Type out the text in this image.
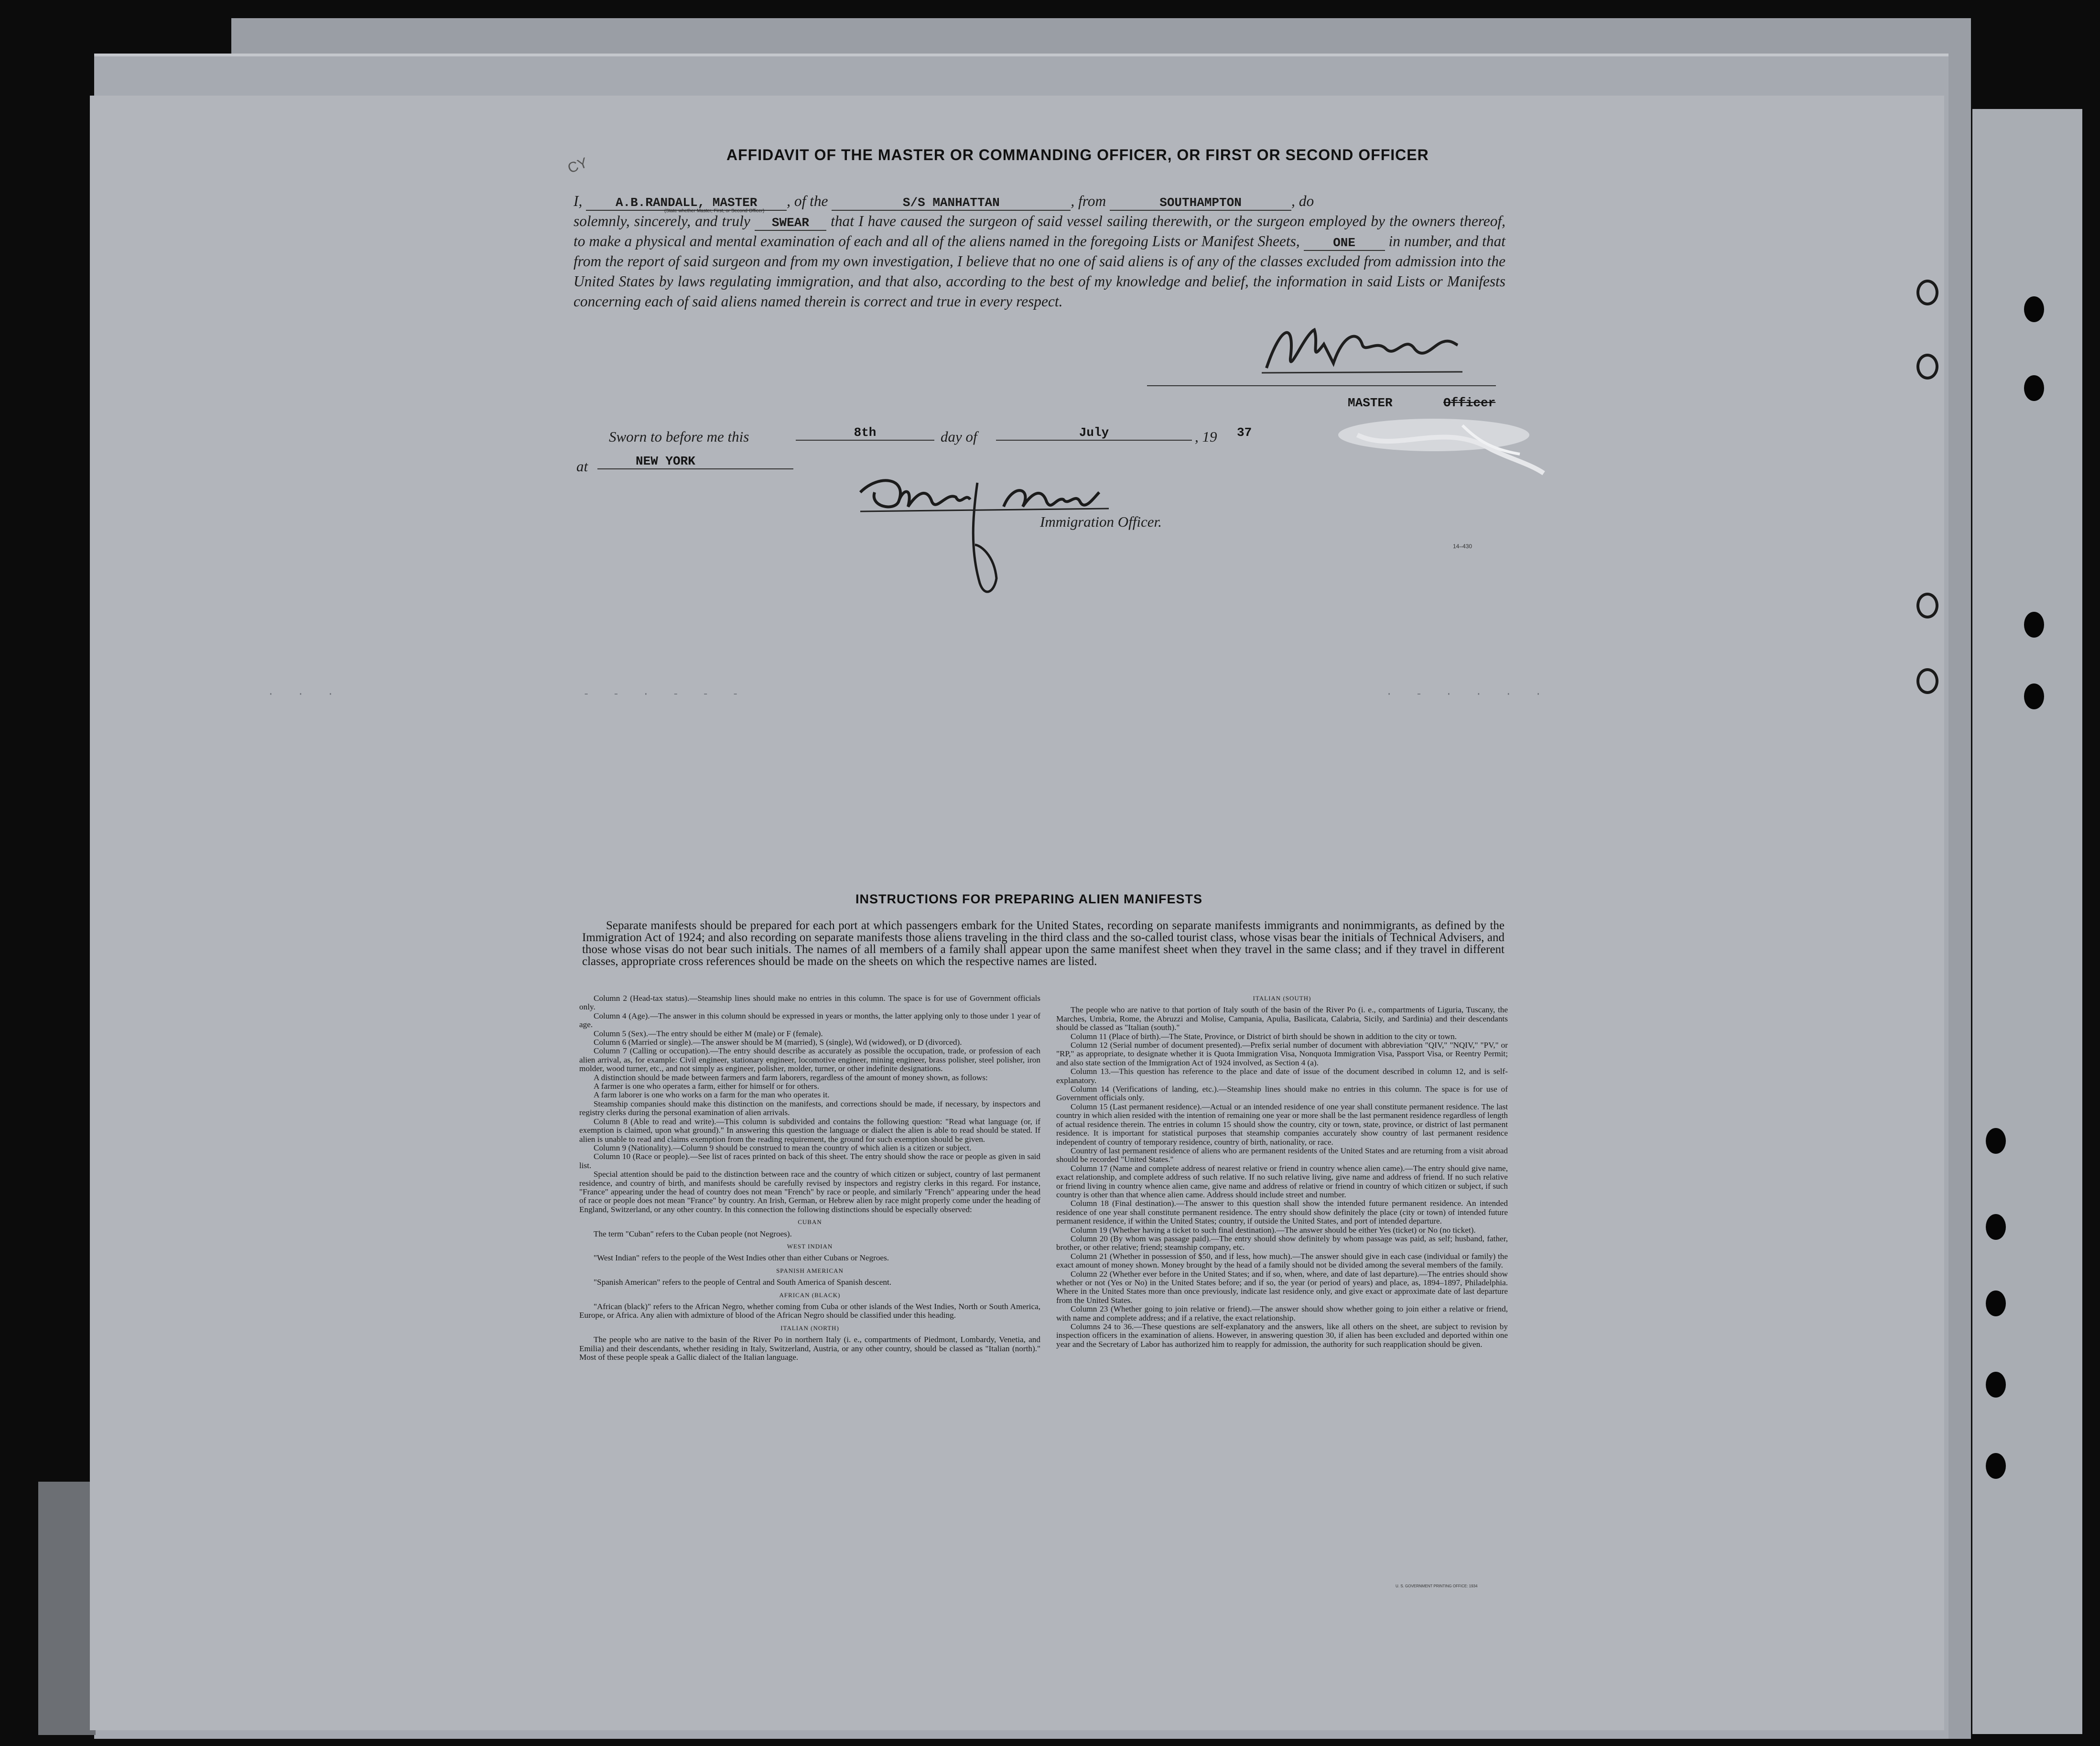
CY
· · ·	- - · - - -	· - · · · ·
AFFIDAVIT OF THE MASTER OR COMMANDING OFFICER, OR FIRST OR SECOND OFFICER
I,	A.B.RANDALL, MASTER , of the	S/S MANHATTAN	, from	SOUTHAMPTON	, do
solemnly, sincerely, and truly SWEAR that I have caused the surgeon of said vessel sailing therewith, or the surgeon employed by the owners thereof, to make a physical and mental examination of each and all of the aliens named in the foregoing Lists or Manifest Sheets,	ONE in number, and that from the report of said surgeon and from my own investigation, I believe that no one of said aliens is of any of the classes excluded from admission into the United States by laws regulating immigration, and that also, according to the best of my knowledge and belief, the information in said Lists or Manifests concerning each of said aliens named therein is correct and true in every respect.
(State whether Master, First, or Second Officer)
MASTER	Officer
Sworn to before me this	8th	day of	July	, 19 37
at	NEW YORK
Immigration Officer.
14–430
INSTRUCTIONS FOR PREPARING ALIEN MANIFESTS
Separate manifests should be prepared for each port at which passengers embark for the United States, recording on separate manifests immigrants and nonimmigrants, as defined by the Immigration Act of 1924; and also recording on separate manifests those aliens traveling in the third class and the so-called tourist class, whose visas bear the initials of Technical Advisers, and those whose visas do not bear such initials. The names of all members of a family shall appear upon the same manifest sheet when they travel in the same class; and if they travel in different classes, appropriate cross references should be made on the sheets on which the respective names are listed.

Column 2 (Head-tax status).—Steamship lines should make no entries in this column. The space is for use of Government officials only.

Column 4 (Age).—The answer in this column should be expressed in years or months, the latter applying only to those under 1 year of age.

Column 5 (Sex).—The entry should be either M (male) or F (female).

Column 6 (Married or single).—The answer should be M (married), S (single), Wd (widowed), or D (divorced).

Column 7 (Calling or occupation).—The entry should describe as accurately as possible the occupation, trade, or profession of each alien arrival, as, for example: Civil engineer, stationary engineer, locomotive engineer, mining engineer, brass polisher, steel polisher, iron molder, wood turner, etc., and not simply as engineer, polisher, molder, turner, or other indefinite designations.

A distinction should be made between farmers and farm laborers, regardless of the amount of money shown, as follows:

A farmer is one who operates a farm, either for himself or for others.

A farm laborer is one who works on a farm for the man who operates it.

Steamship companies should make this distinction on the manifests, and corrections should be made, if necessary, by inspectors and registry clerks during the personal examination of alien arrivals.

Column 8 (Able to read and write).—This column is subdivided and contains the following question: "Read what language (or, if exemption is claimed, upon what ground)." In answering this question the language or dialect the alien is able to read should be stated. If alien is unable to read and claims exemption from the reading requirement, the ground for such exemption should be given.

Column 9 (Nationality).—Column 9 should be construed to mean the country of which alien is a citizen or subject.

Column 10 (Race or people).—See list of races printed on back of this sheet. The entry should show the race or people as given in said list.

Special attention should be paid to the distinction between race and the country of which citizen or subject, country of last permanent residence, and country of birth, and manifests should be carefully revised by inspectors and registry clerks in this regard. For instance, "France" appearing under the head of country does not mean "French" by race or people, and similarly "French" appearing under the head of race or people does not mean "France" by country. An Irish, German, or Hebrew alien by race might properly come under the heading of England, Switzerland, or any other country. In this connection the following distinctions should be especially observed:

CUBAN

The term "Cuban" refers to the Cuban people (not Negroes).

WEST INDIAN

"West Indian" refers to the people of the West Indies other than either Cubans or Negroes.

SPANISH AMERICAN

"Spanish American" refers to the people of Central and South America of Spanish descent.

AFRICAN (BLACK)

"African (black)" refers to the African Negro, whether coming from Cuba or other islands of the West Indies, North or South America, Europe, or Africa. Any alien with admixture of blood of the African Negro should be classified under this heading.

ITALIAN (NORTH)

The people who are native to the basin of the River Po in northern Italy (i. e., compartments of Piedmont, Lombardy, Venetia, and Emilia) and their descendants, whether residing in Italy, Switzerland, Austria, or any other country, should be classed as "Italian (north)." Most of these people speak a Gallic dialect of the Italian language.

ITALIAN (SOUTH)

The people who are native to that portion of Italy south of the basin of the River Po (i. e., compartments of Liguria, Tuscany, the Marches, Umbria, Rome, the Abruzzi and Molise, Campania, Apulia, Basilicata, Calabria, Sicily, and Sardinia) and their descendants should be classed as "Italian (south)."

Column 11 (Place of birth).—The State, Province, or District of birth should be shown in addition to the city or town.

Column 12 (Serial number of document presented).—Prefix serial number of document with abbreviation "QIV," "NQIV," "PV," or "RP," as appropriate, to designate whether it is Quota Immigration Visa, Nonquota Immigration Visa, Passport Visa, or Reentry Permit; and also state section of the Immigration Act of 1924 involved, as Section 4 (a).

Column 13.—This question has reference to the place and date of issue of the document described in column 12, and is self-explanatory.

Column 14 (Verifications of landing, etc.).—Steamship lines should make no entries in this column. The space is for use of Government officials only.

Column 15 (Last permanent residence).—Actual or an intended residence of one year shall constitute permanent residence. The last country in which alien resided with the intention of remaining one year or more shall be the last permanent residence regardless of length of actual residence therein. The entries in column 15 should show the country, city or town, state, province, or district of last permanent residence. It is important for statistical purposes that steamship companies accurately show country of last permanent residence independent of country of temporary residence, country of birth, nationality, or race.

Country of last permanent residence of aliens who are permanent residents of the United States and are returning from a visit abroad should be recorded "United States."

Column 17 (Name and complete address of nearest relative or friend in country whence alien came).—The entry should give name, exact relationship, and complete address of such relative. If no such relative living, give name and address of friend. If no such relative or friend living in country whence alien came, give name and address of relative or friend in country of which citizen or subject, if such country is other than that whence alien came. Address should include street and number.

Column 18 (Final destination).—The answer to this question shall show the intended future permanent residence. An intended residence of one year shall constitute permanent residence. The entry should show definitely the place (city or town) of intended future permanent residence, if within the United States; country, if outside the United States, and port of intended departure.

Column 19 (Whether having a ticket to such final destination).—The answer should be either Yes (ticket) or No (no ticket).

Column 20 (By whom was passage paid).—The entry should show definitely by whom passage was paid, as self; husband, father, brother, or other relative; friend; steamship company, etc.

Column 21 (Whether in possession of $50, and if less, how much).—The answer should give in each case (individual or family) the exact amount of money shown. Money brought by the head of a family should not be divided among the several members of the family.

Column 22 (Whether ever before in the United States; and if so, when, where, and date of last departure).—The entries should show whether or not (Yes or No) in the United States before; and if so, the year (or period of years) and place, as, 1894–1897, Philadelphia. Where in the United States more than once previously, indicate last residence only, and give exact or approximate date of last departure from the United States.

Column 23 (Whether going to join relative or friend).—The answer should show whether going to join either a relative or friend, with name and complete address; and if a relative, the exact relationship.

Columns 24 to 36.—These questions are self-explanatory and the answers, like all others on the sheet, are subject to revision by inspection officers in the examination of aliens. However, in answering question 30, if alien has been excluded and deported within one year and the Secretary of Labor has authorized him to reapply for admission, the authority for such reapplication should be given.

U. S. GOVERNMENT PRINTING OFFICE: 1934
